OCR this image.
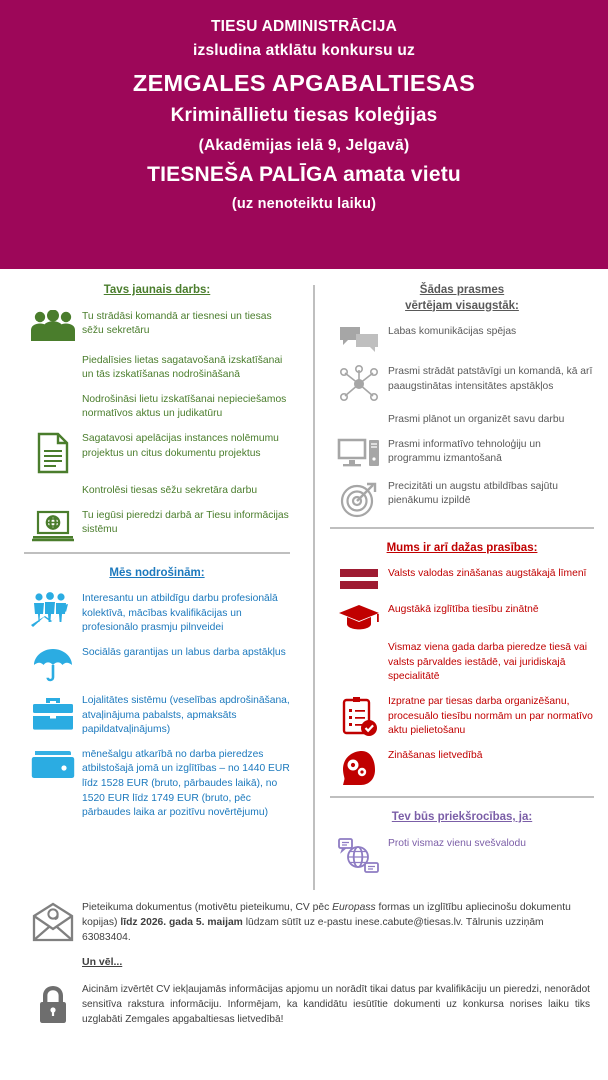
TIESU ADMINISTRĀCIJA
izsludina atklātu konkursu uz
ZEMGALES APGABALTIESAS
Krimināllietu tiesas koleģijas
(Akadēmijas ielā 9, Jelgavā)
TIESNEŠA PALĪGA amata vietu
(uz nenoteiktu laiku)
Tavs jaunais darbs:
Tu strādāsi komandā ar tiesnesi un tiesas sēžu sekretāru
Piedalīsies lietas sagatavošanā izskatīšanai un tās izskatīšanas nodrošināšanā
Nodrošināsi lietu izskatīšanai nepieciešamos normatīvos aktus un judikatūru
Sagatavosi apelācijas instances nolēmumu projektus un citus dokumentu projektus
Kontrolēsi tiesas sēžu sekretāra darbu
Tu iegūsi pieredzi darbā ar Tiesu informācijas sistēmu
Mēs nodrošinām:
Interesantu un atbildīgu darbu profesionālā kolektīvā, mācības kvalifikācijas un profesionālo prasmju pilnveidei
Sociālās garantijas un labus darba apstākļus
Lojalitātes sistēmu (veselības apdrošināšana, atvaļinājuma pabalsts, apmaksāts papildatvaļinājums)
mēnešalgu atkarībā no darba pieredzes atbilstošajā jomā un izglītības – no 1440 EUR līdz 1528 EUR (bruto, pārbaudes laikā), no 1520 EUR līdz 1749 EUR (bruto, pēc pārbaudes laika ar pozitīvu novērtējumu)
Šādas prasmes
vērtējam visaugstāk:
Labas komunikācijas spējas
Prasmi strādāt patstāvīgi un komandā, kā arī paaugstinātas intensitātes apstākļos
Prasmi plānot un organizēt savu darbu
Prasmi informatīvo tehnoloģiju un programmu izmantošanā
Precizitāti un augstu atbildības sajūtu pienākumu izpildē
Mums ir arī dažas prasības:
Valsts valodas zināšanas augstākajā līmenī
Augstākā izglītība tiesību zinātnē
Vismaz viena gada darba pieredze tiesā vai valsts pārvaldes iestādē, vai juridiskajā specialitātē
Izpratne par tiesas darba organizēšanu, procesuālo tiesību normām un par normatīvo aktu pielietošanu
Zināšanas lietvedībā
Tev būs priekšrocības, ja:
Proti vismaz vienu svešvalodu
Pieteikuma dokumentus (motivētu pieteikumu, CV pēc Europass formas un izglītību apliecinošu dokumentu kopijas) līdz 2026. gada 5. maijam lūdzam sūtīt uz e-pastu inese.cabute@tiesas.lv. Tālrunis uzziņām 63083404.
Un vēl...
Aicinām izvērtēt CV iekļaujamās informācijas apjomu un norādīt tikai datus par kvalifikāciju un pieredzi, nenorādot sensitīva rakstura informāciju. Informējam, ka kandidātu iesūtītie dokumenti uz konkursa norises laiku tiks uzglabāti Zemgales apgabaltiesas lietvedībā!
